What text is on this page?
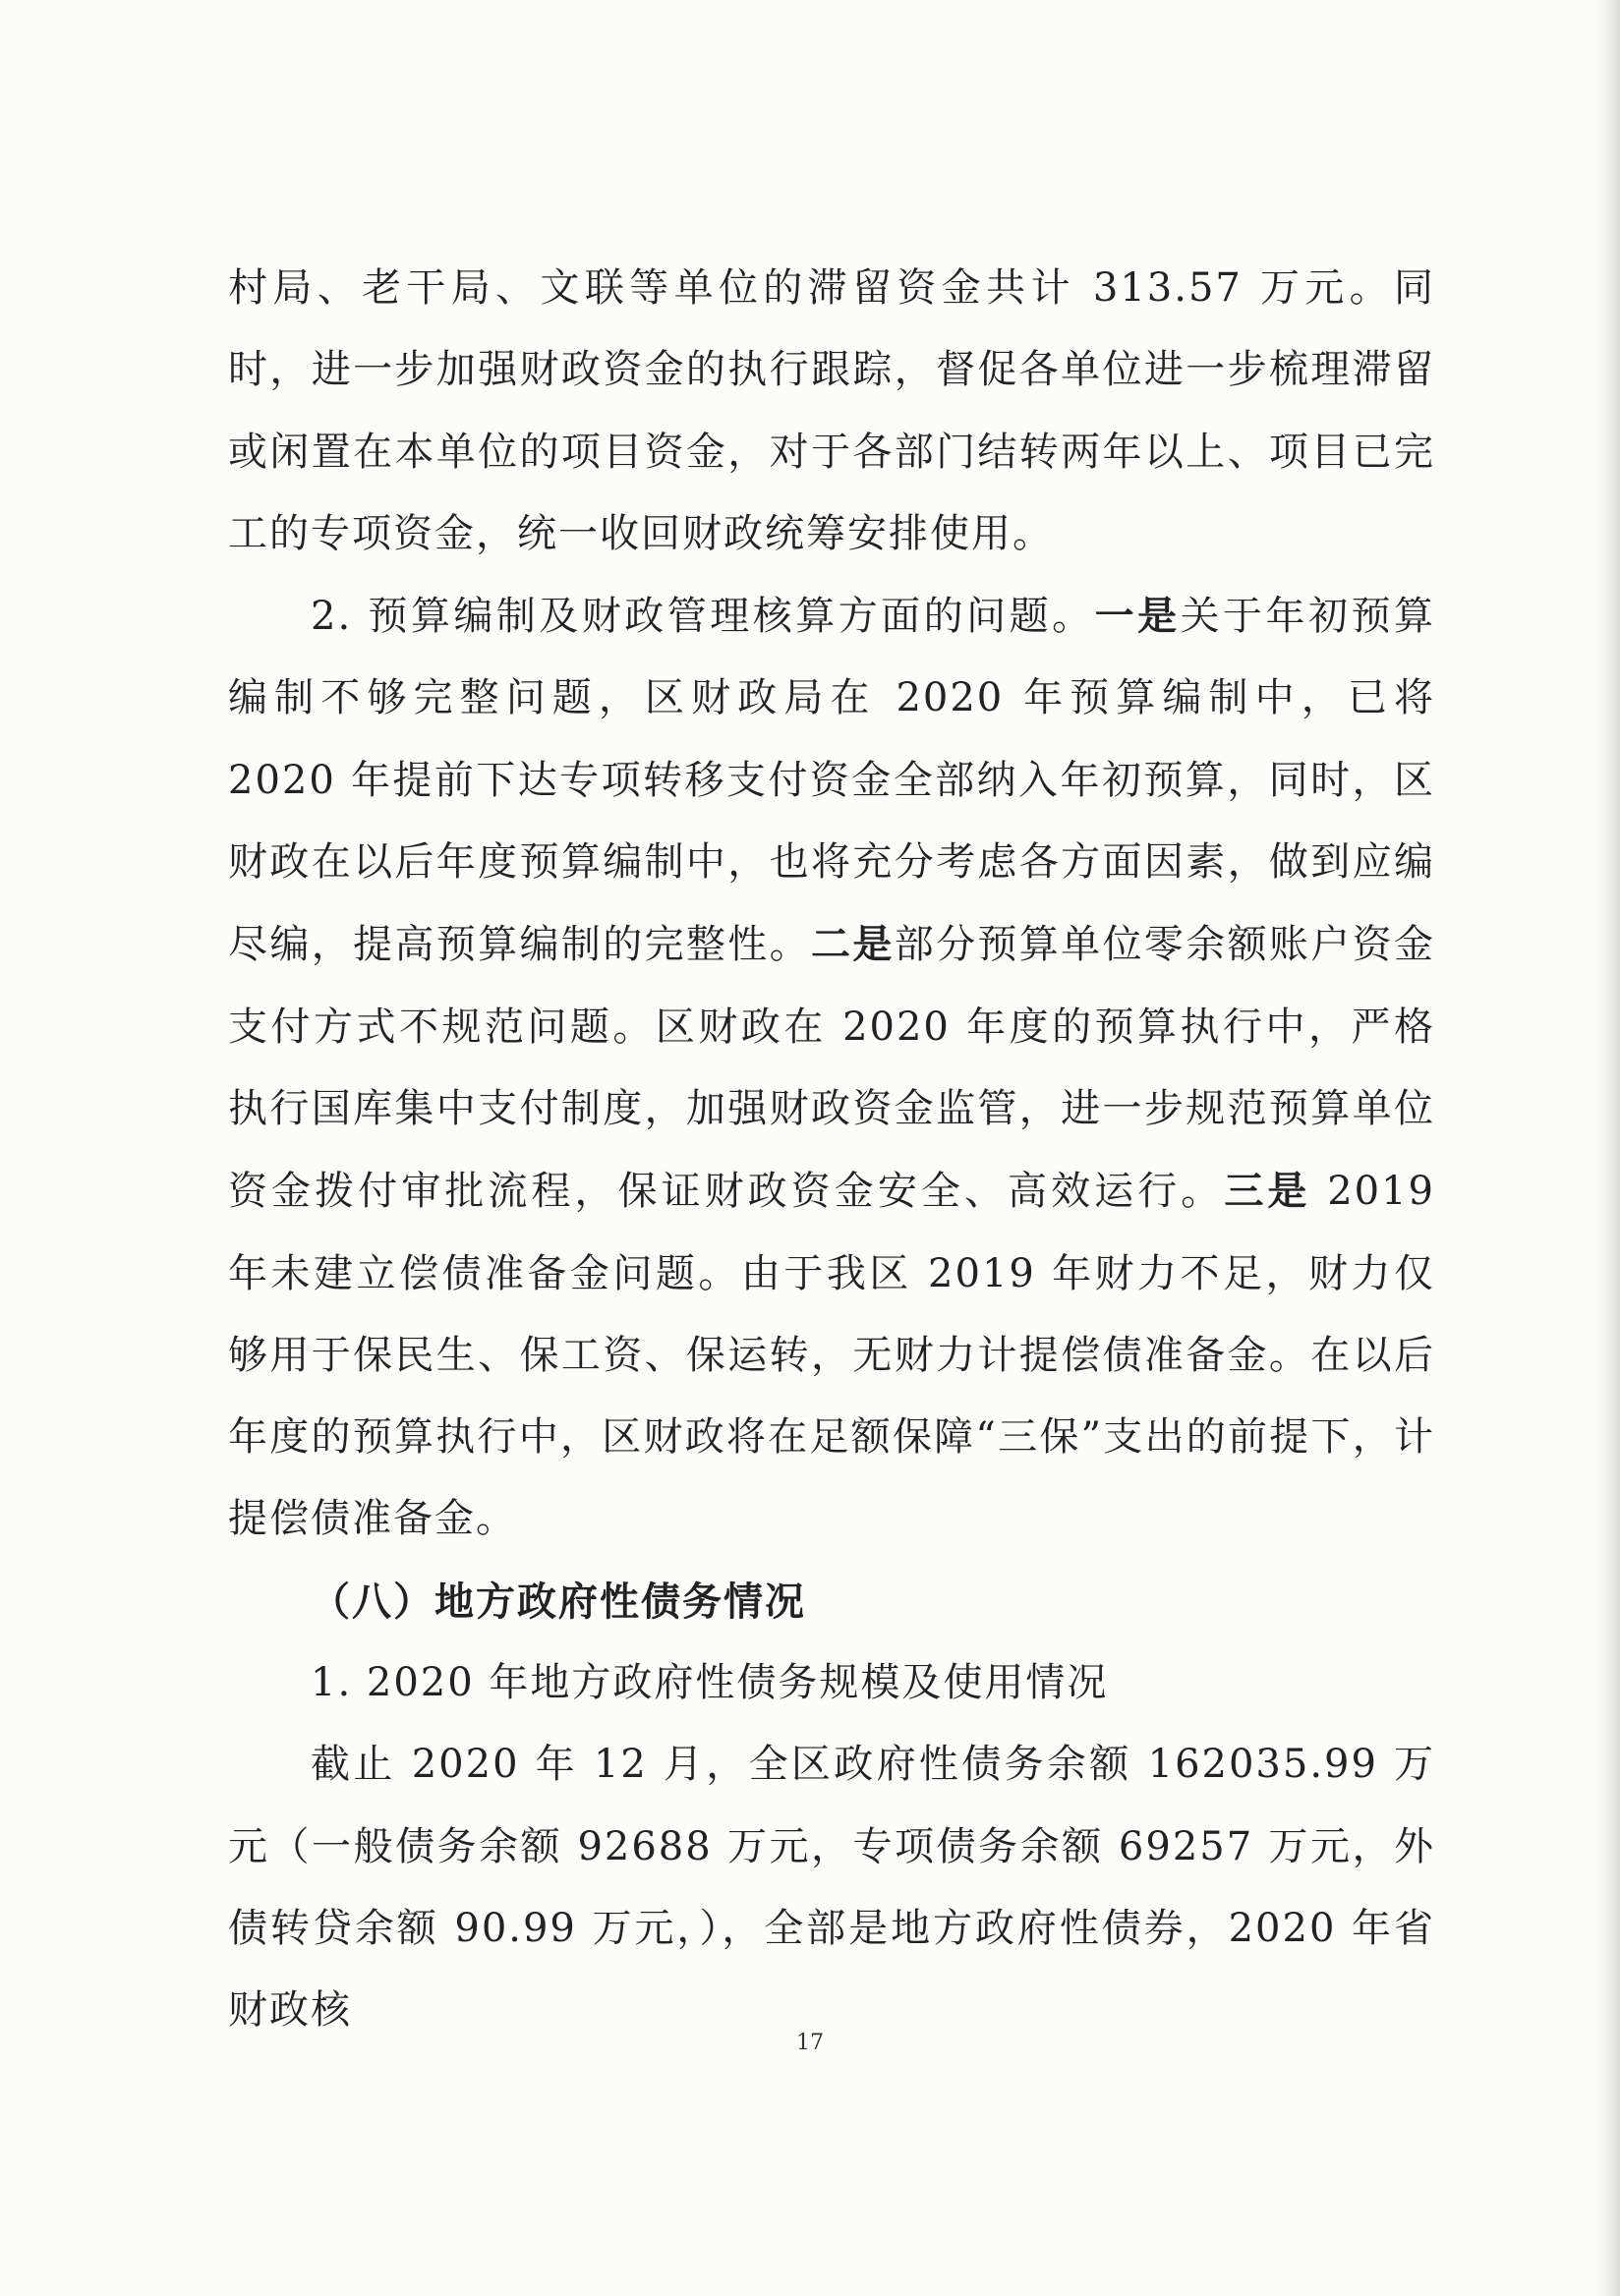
村局、老干局、文联等单位的滞留资金共计 313.57 万元。同时，进一步加强财政资金的执行跟踪，督促各单位进一步梳理滞留或闲置在本单位的项目资金，对于各部门结转两年以上、项目已完工的专项资金，统一收回财政统筹安排使用。

2. 预算编制及财政管理核算方面的问题。一是关于年初预算编制不够完整问题，区财政局在 2020 年预算编制中，已将 2020 年提前下达专项转移支付资金全部纳入年初预算，同时，区财政在以后年度预算编制中，也将充分考虑各方面因素，做到应编尽编，提高预算编制的完整性。二是部分预算单位零余额账户资金支付方式不规范问题。区财政在 2020 年度的预算执行中，严格执行国库集中支付制度，加强财政资金监管，进一步规范预算单位资金拨付审批流程，保证财政资金安全、高效运行。三是 2019 年未建立偿债准备金问题。由于我区 2019 年财力不足，财力仅够用于保民生、保工资、保运转，无财力计提偿债准备金。在以后年度的预算执行中，区财政将在足额保障“三保”支出的前提下，计提偿债准备金。

（八）地方政府性债务情况

1. 2020 年地方政府性债务规模及使用情况

截止 2020 年 12 月，全区政府性债务余额 162035.99 万元（一般债务余额 92688 万元，专项债务余额 69257 万元，外债转贷余额 90.99 万元，），全部是地方政府性债券，2020 年省财政核

17
